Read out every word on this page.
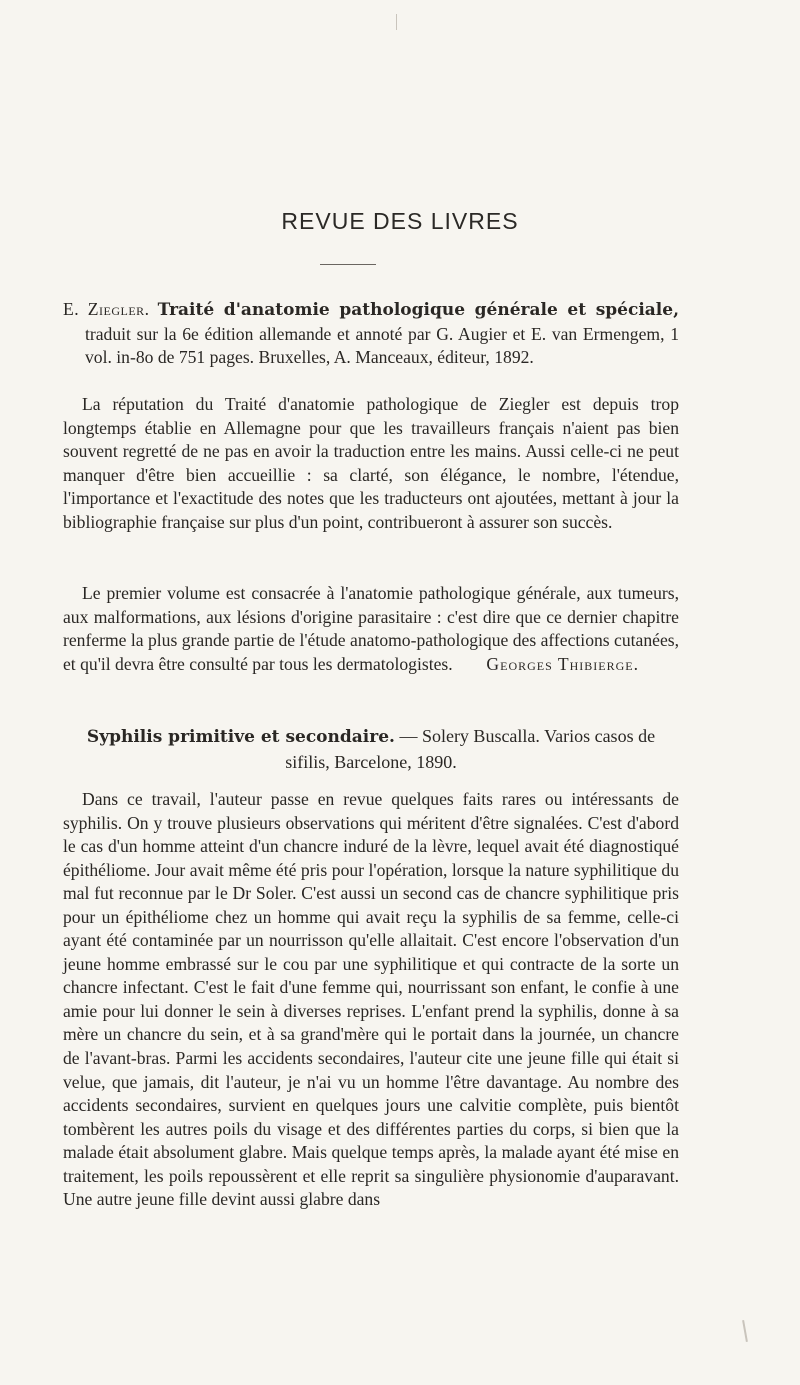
REVUE DES LIVRES
E. Ziegler. Traité d'anatomie pathologique générale et spéciale, traduit sur la 6e édition allemande et annoté par G. Augier et E. van Ermengem, 1 vol. in-8o de 751 pages. Bruxelles, A. Manceaux, éditeur, 1892.
La réputation du Traité d'anatomie pathologique de Ziegler est depuis trop longtemps établie en Allemagne pour que les travailleurs français n'aient pas bien souvent regretté de ne pas en avoir la traduction entre les mains. Aussi celle-ci ne peut manquer d'être bien accueillie : sa clarté, son élégance, le nombre, l'étendue, l'importance et l'exactitude des notes que les traducteurs ont ajoutées, mettant à jour la bibliographie française sur plus d'un point, contribueront à assurer son succès.
Le premier volume est consacrée à l'anatomie pathologique générale, aux tumeurs, aux malformations, aux lésions d'origine parasitaire : c'est dire que ce dernier chapitre renferme la plus grande partie de l'étude anatomo-pathologique des affections cutanées, et qu'il devra être consulté par tous les dermatologistes.	Georges Thibierge.
Syphilis primitive et secondaire. — Solery Buscalla. Varios casos de sifilis, Barcelone, 1890.
Dans ce travail, l'auteur passe en revue quelques faits rares ou intéressants de syphilis. On y trouve plusieurs observations qui méritent d'être signalées. C'est d'abord le cas d'un homme atteint d'un chancre induré de la lèvre, lequel avait été diagnostiqué épithéliome. Jour avait même été pris pour l'opération, lorsque la nature syphilitique du mal fut reconnue par le Dr Soler. C'est aussi un second cas de chancre syphilitique pris pour un épithéliome chez un homme qui avait reçu la syphilis de sa femme, celle-ci ayant été contaminée par un nourrisson qu'elle allaitait. C'est encore l'observation d'un jeune homme embrassé sur le cou par une syphilitique et qui contracte de la sorte un chancre infectant. C'est le fait d'une femme qui, nourrissant son enfant, le confie à une amie pour lui donner le sein à diverses reprises. L'enfant prend la syphilis, donne à sa mère un chancre du sein, et à sa grand'mère qui le portait dans la journée, un chancre de l'avant-bras. Parmi les accidents secondaires, l'auteur cite une jeune fille qui était si velue, que jamais, dit l'auteur, je n'ai vu un homme l'être davantage. Au nombre des accidents secondaires, survient en quelques jours une calvitie complète, puis bientôt tombèrent les autres poils du visage et des différentes parties du corps, si bien que la malade était absolument glabre. Mais quelque temps après, la malade ayant été mise en traitement, les poils repoussèrent et elle reprit sa singulière physionomie d'auparavant. Une autre jeune fille devint aussi glabre dans
